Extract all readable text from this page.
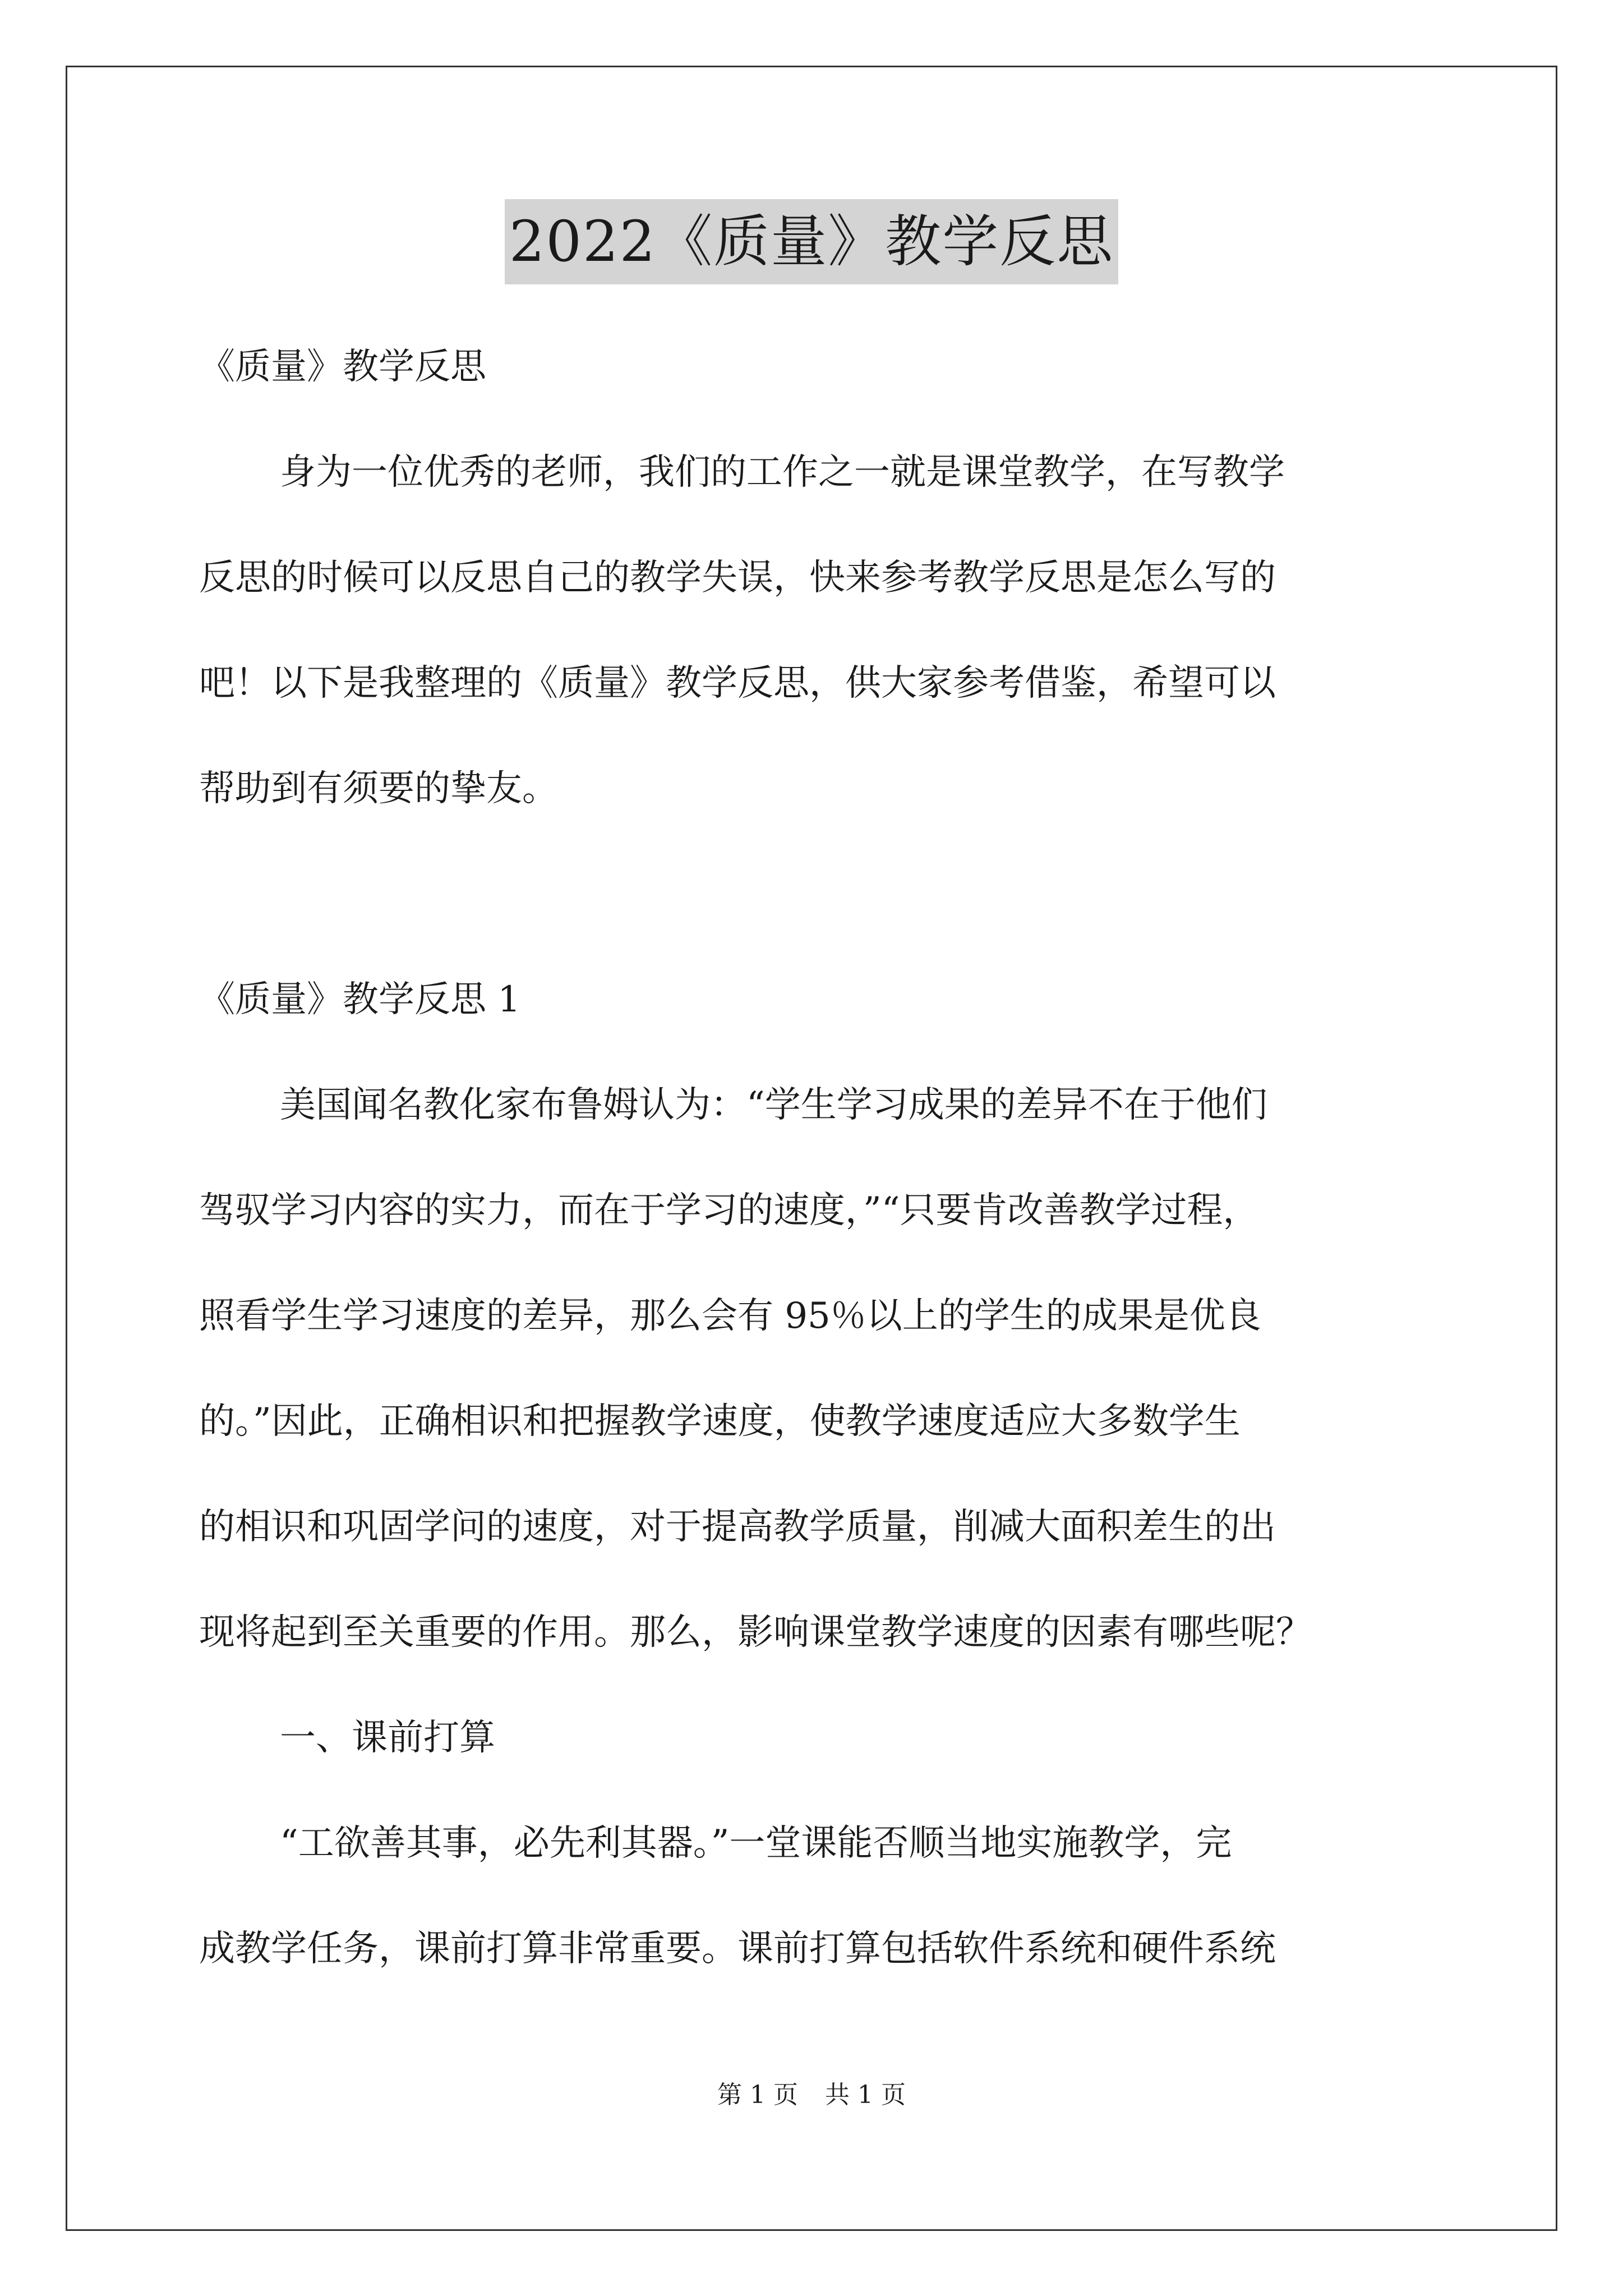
2022《质量》教学反思
《质量》教学反思
身为一位优秀的老师，我们的工作之一就是课堂教学，在写教学
反思的时候可以反思自己的教学失误，快来参考教学反思是怎么写的
吧！以下是我整理的《质量》教学反思，供大家参考借鉴，希望可以
帮助到有须要的挚友。
《质量》教学反思 1
美国闻名教化家布鲁姆认为：“学生学习成果的差异不在于他们
驾驭学习内容的实力，而在于学习的速度，”“只要肯改善教学过程，
照看学生学习速度的差异，那么会有 95％以上的学生的成果是优良
的。”因此，正确相识和把握教学速度，使教学速度适应大多数学生
的相识和巩固学问的速度，对于提高教学质量，削减大面积差生的出
现将起到至关重要的作用。那么，影响课堂教学速度的因素有哪些呢？
一、课前打算
“工欲善其事，必先利其器。”一堂课能否顺当地实施教学，完
成教学任务，课前打算非常重要。课前打算包括软件系统和硬件系统
第 1 页 共 1 页
